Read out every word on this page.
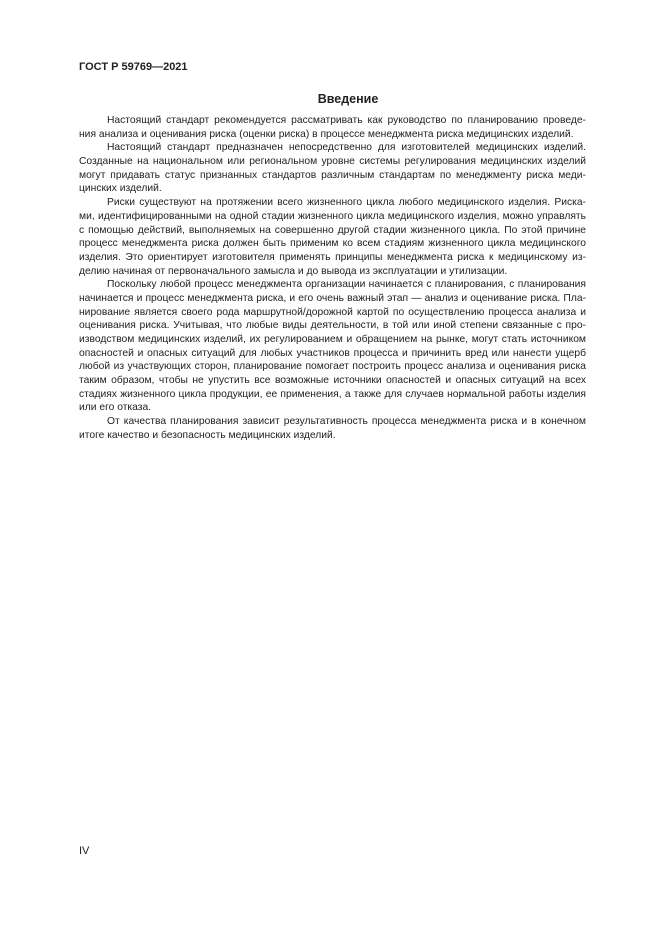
ГОСТ Р 59769—2021
Введение
Настоящий стандарт рекомендуется рассматривать как руководство по планированию проведе-
ния анализа и оценивания риска (оценки риска) в процессе менеджмента риска медицинских изделий.
Настоящий стандарт предназначен непосредственно для изготовителей медицинских изделий.
Созданные на национальном или региональном уровне системы регулирования медицинских изделий
могут придавать статус признанных стандартов различным стандартам по менеджменту риска меди-
цинских изделий.
Риски существуют на протяжении всего жизненного цикла любого медицинского изделия. Риска-
ми, идентифицированными на одной стадии жизненного цикла медицинского изделия, можно управлять
с помощью действий, выполняемых на совершенно другой стадии жизненного цикла. По этой причине
процесс менеджмента риска должен быть применим ко всем стадиям жизненного цикла медицинского
изделия. Это ориентирует изготовителя применять принципы менеджмента риска к медицинскому из-
делию начиная от первоначального замысла и до вывода из эксплуатации и утилизации.
Поскольку любой процесс менеджмента организации начинается с планирования, с планирования
начинается и процесс менеджмента риска, и его очень важный этап — анализ и оценивание риска. Пла-
нирование является своего рода маршрутной/дорожной картой по осуществлению процесса анализа и
оценивания риска. Учитывая, что любые виды деятельности, в той или иной степени связанные с про-
изводством медицинских изделий, их регулированием и обращением на рынке, могут стать источником
опасностей и опасных ситуаций для любых участников процесса и причинить вред или нанести ущерб
любой из участвующих сторон, планирование помогает построить процесс анализа и оценивания риска
таким образом, чтобы не упустить все возможные источники опасностей и опасных ситуаций на всех
стадиях жизненного цикла продукции, ее применения, а также для случаев нормальной работы изделия
или его отказа.
От качества планирования зависит результативность процесса менеджмента риска и в конечном
итоге качество и безопасность медицинских изделий.
IV
